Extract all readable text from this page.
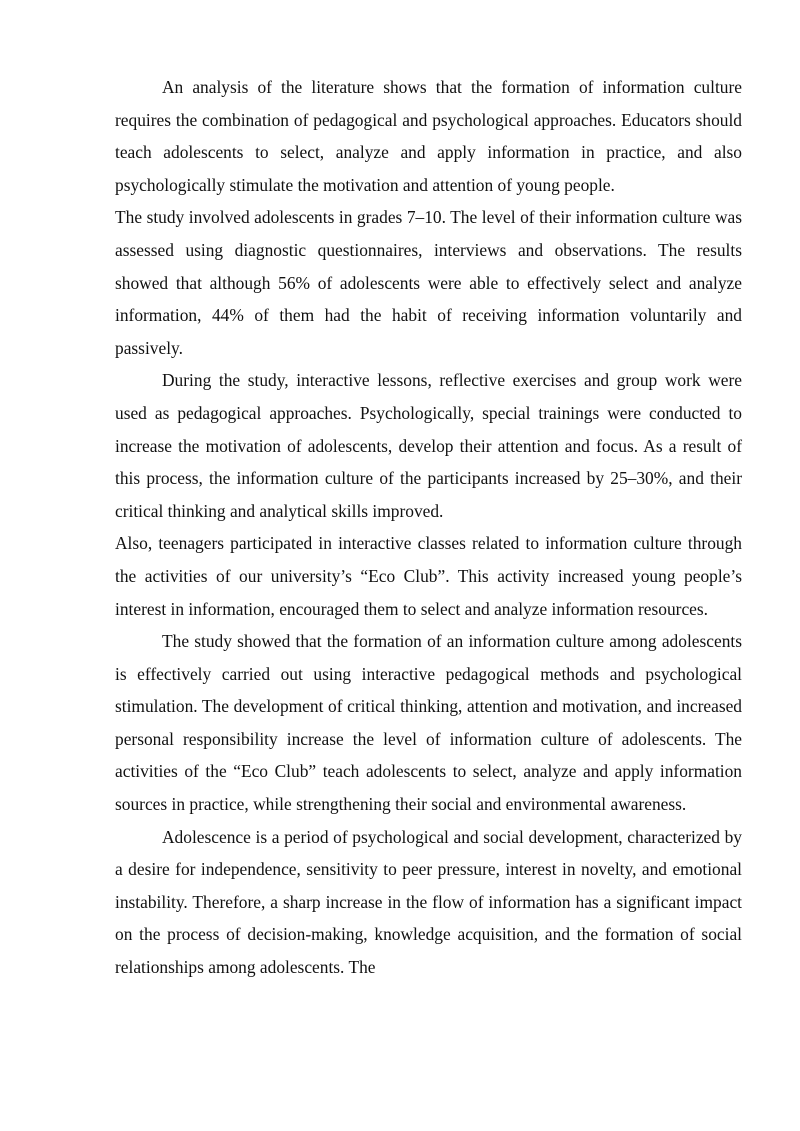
An analysis of the literature shows that the formation of information culture requires the combination of pedagogical and psychological approaches. Educators should teach adolescents to select, analyze and apply information in practice, and also psychologically stimulate the motivation and attention of young people.

The study involved adolescents in grades 7–10. The level of their information culture was assessed using diagnostic questionnaires, interviews and observations. The results showed that although 56% of adolescents were able to effectively select and analyze information, 44% of them had the habit of receiving information voluntarily and passively.

During the study, interactive lessons, reflective exercises and group work were used as pedagogical approaches. Psychologically, special trainings were conducted to increase the motivation of adolescents, develop their attention and focus. As a result of this process, the information culture of the participants increased by 25–30%, and their critical thinking and analytical skills improved.

Also, teenagers participated in interactive classes related to information culture through the activities of our university’s “Eco Club”. This activity increased young people’s interest in information, encouraged them to select and analyze information resources.

The study showed that the formation of an information culture among adolescents is effectively carried out using interactive pedagogical methods and psychological stimulation. The development of critical thinking, attention and motivation, and increased personal responsibility increase the level of information culture of adolescents. The activities of the “Eco Club” teach adolescents to select, analyze and apply information sources in practice, while strengthening their social and environmental awareness.

Adolescence is a period of psychological and social development, characterized by a desire for independence, sensitivity to peer pressure, interest in novelty, and emotional instability. Therefore, a sharp increase in the flow of information has a significant impact on the process of decision-making, knowledge acquisition, and the formation of social relationships among adolescents. The
